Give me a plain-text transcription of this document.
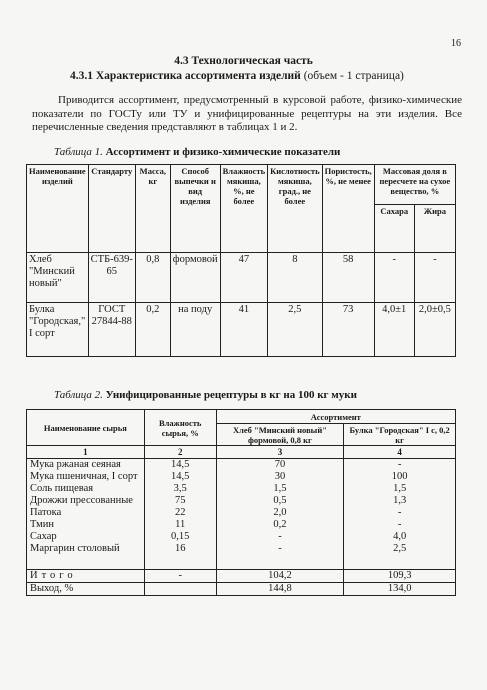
16
4.3 Технологическая часть
4.3.1 Характеристика ассортимента изделий (объем - 1 страница)
Приводится ассортимент, предусмотренный в курсовой работе, физико-химические показатели по ГОСТу или ТУ и унифицированные рецептуры на эти изделия. Все перечисленные сведения представляют в таблицах 1 и 2.
Таблица 1. Ассортимент и физико-химические показатели
Наименование изделий	Стандарту	Масса, кг	Способ выпечки и вид изделия	Влажность мякиша, %, не более	Кислотность мякиша, град., не более	Пористость, %, не менее	Массовая доля в пересчете на сухое вещество, %	
							Сахара	Жира
Хлеб "Минский новый"	СТБ-639-65	0,8	формовой	47	8	58	-	-
Булка "Городская," I сорт	ГОСТ 27844-88	0,2	на поду	41	2,5	73	4,0±1	2,0±0,5
Таблица 2. Унифицированные рецептуры в кг на 100 кг муки
Наименование сырья	Влажность сырья, %	Ассортимент	
		Хлеб "Минский новый" формовой, 0,8 кг	Булка "Городская" I с, 0,2 кг
1	2	3	4
Мука ржаная сеяная	14,5	70	-
Мука пшеничная, I сорт	14,5	30	100
Соль пищевая	3,5	1,5	1,5
Дрожжи прессованные	75	0,5	1,3
Патока	22	2,0	-
Тмин	11	0,2	-
Сахар	0,15	-	4,0
Маргарин столовый	16	-	2,5
Итого	-	104,2	109,3
Выход, %		144,8	134,0
